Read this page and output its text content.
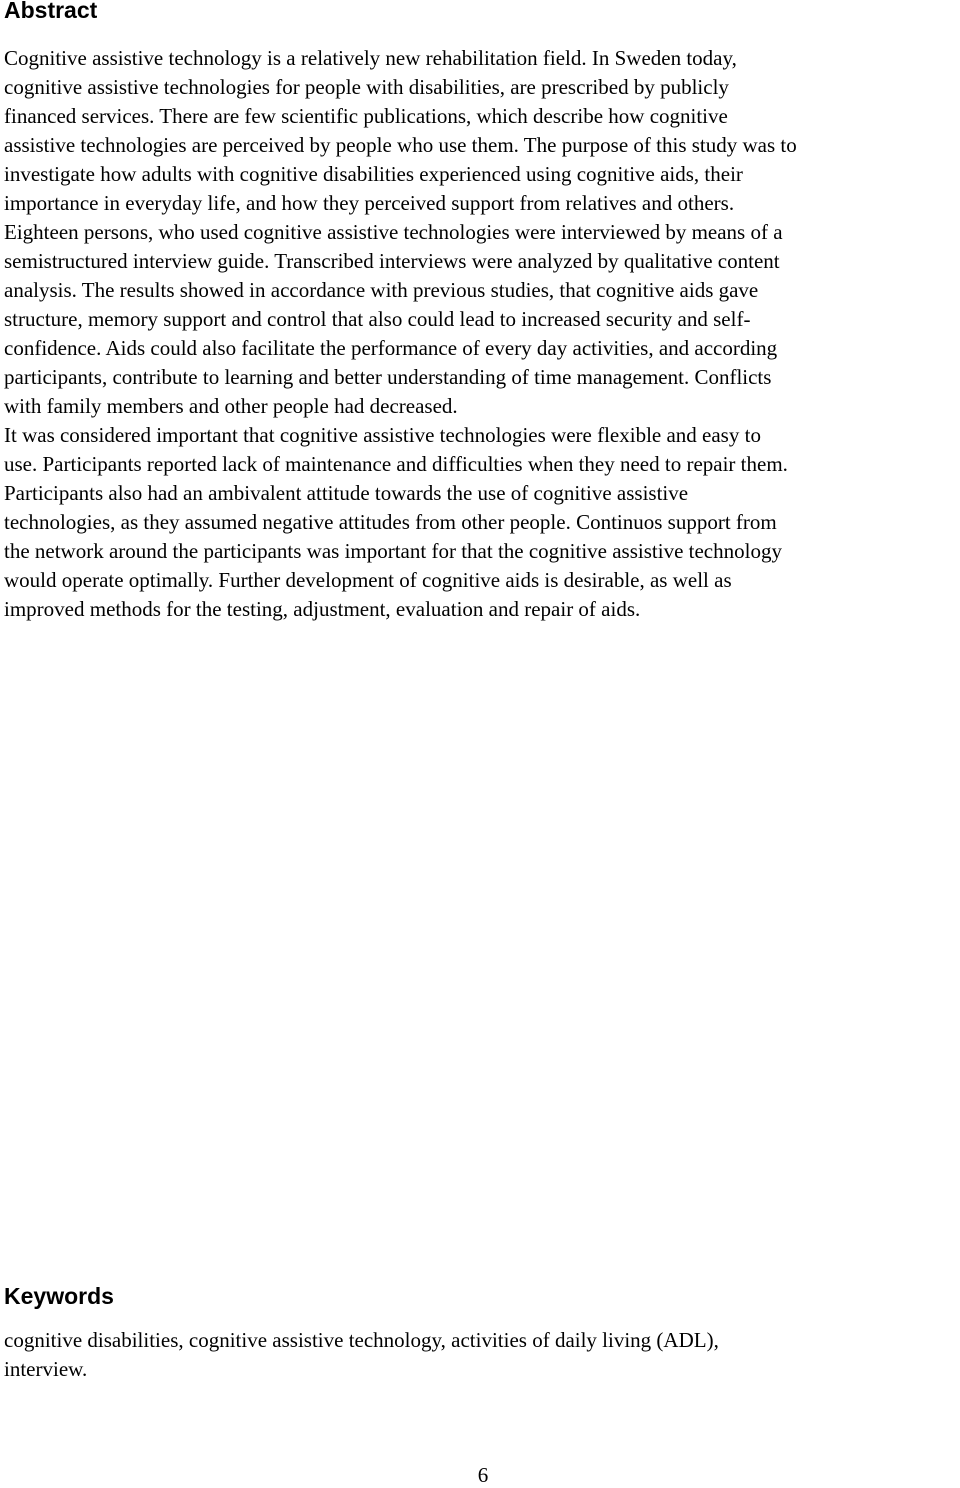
Abstract
Cognitive assistive technology is a relatively new rehabilitation field. In Sweden today,
cognitive assistive technologies for people with disabilities, are prescribed by publicly
financed services. There are few scientific publications, which describe how cognitive
assistive technologies are perceived by people who use them. The purpose of this study was to
investigate how adults with cognitive disabilities experienced using cognitive aids, their
importance in everyday life, and how they perceived support from relatives and others.
Eighteen persons, who used cognitive assistive technologies were interviewed by means of a
semistructured interview guide. Transcribed interviews were analyzed by qualitative content
analysis. The results showed in accordance with previous studies, that cognitive aids gave
structure, memory support and control that also could lead to increased security and self-
confidence. Aids could also facilitate the performance of every day activities, and according
participants, contribute to learning and better understanding of time management. Conflicts
with family members and other people had decreased.
It was considered important that cognitive assistive technologies were flexible and easy to
use. Participants reported lack of maintenance and difficulties when they need to repair them.
Participants also had an ambivalent attitude towards the use of cognitive assistive
technologies, as they assumed negative attitudes from other people. Continuos support from
the network around the participants was important for that the cognitive assistive technology
would operate optimally. Further development of cognitive aids is desirable, as well as
improved methods for the testing, adjustment, evaluation and repair of aids.
Keywords
cognitive disabilities, cognitive assistive technology, activities of daily living (ADL),
interview.
6
